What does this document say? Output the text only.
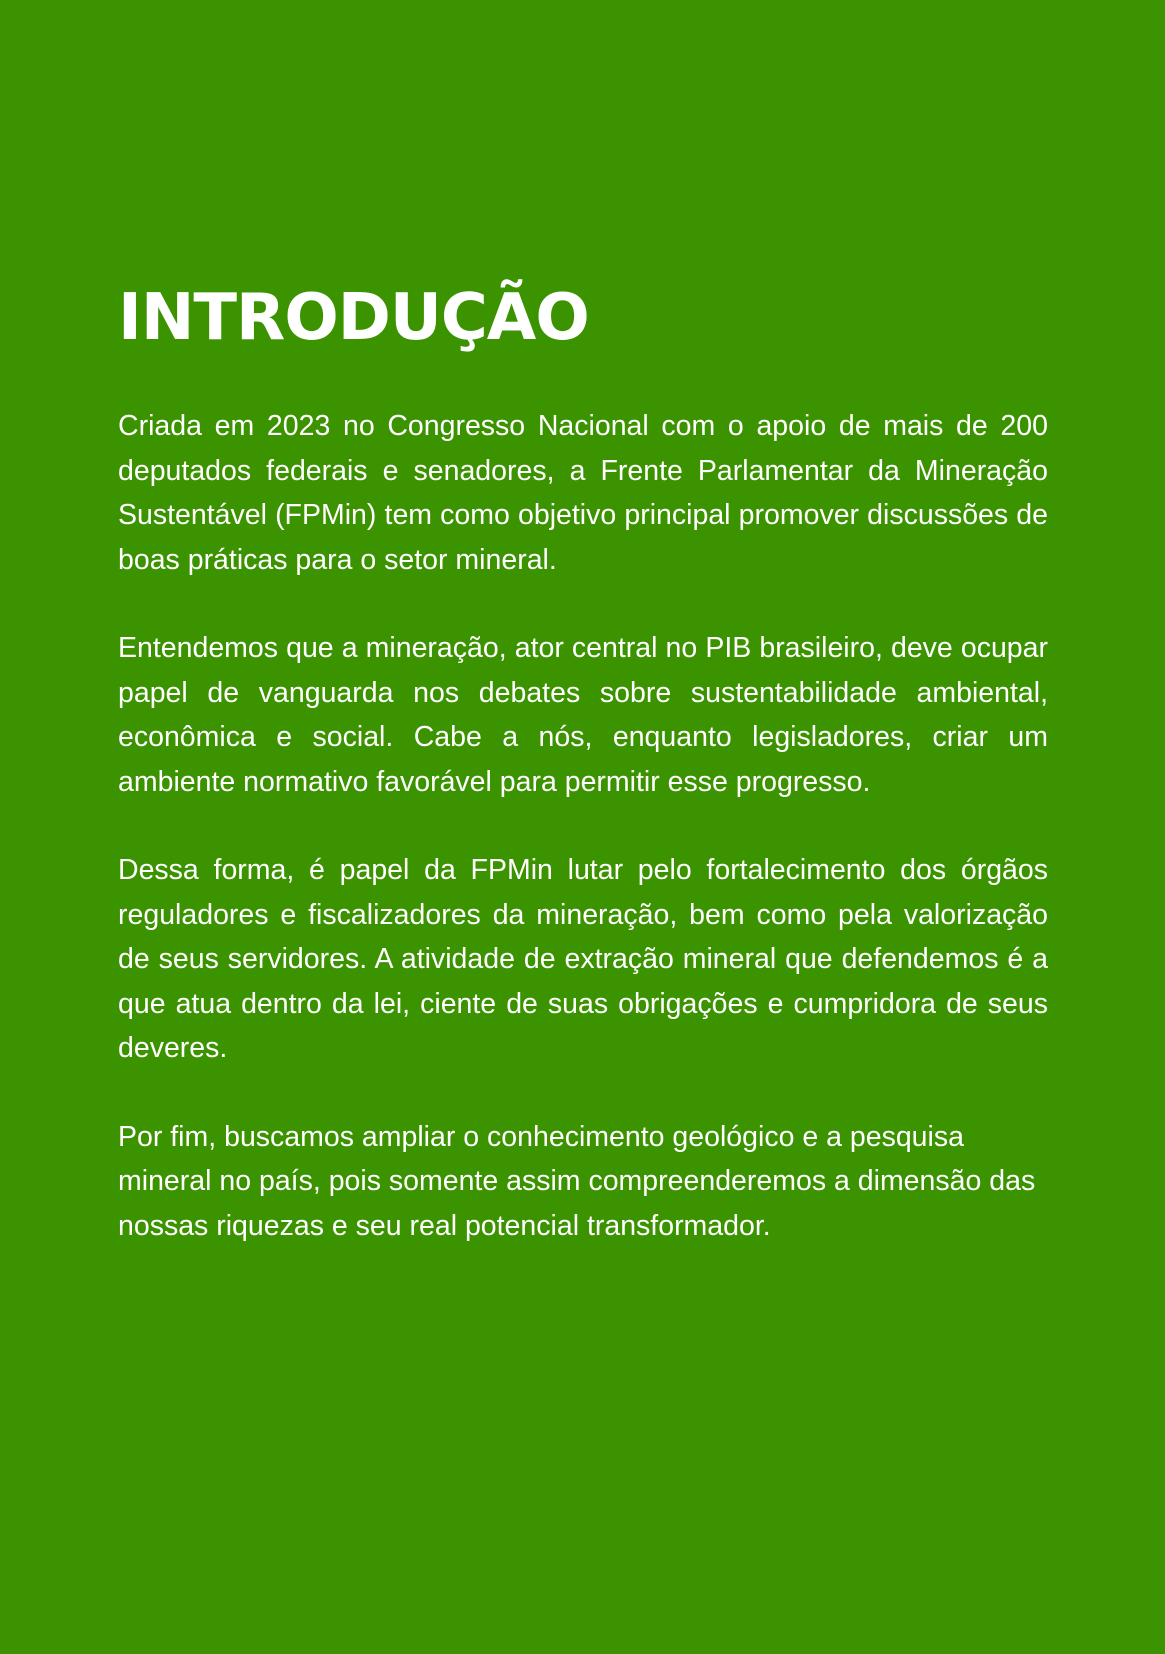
INTRODUÇÃO

Criada em 2023 no Congresso Nacional com o apoio de mais de 200 deputados federais e senadores, a Frente Parlamentar da Mineração Sustentável (FPMin) tem como objetivo principal promover discussões de boas práticas para o setor mineral.

Entendemos que a mineração, ator central no PIB brasileiro, deve ocupar papel de vanguarda nos debates sobre sustentabilidade ambiental, econômica e social. Cabe a nós, enquanto legisladores, criar um ambiente normativo favorável para permitir esse progresso.

Dessa forma, é papel da FPMin lutar pelo fortalecimento dos órgãos reguladores e fiscalizadores da mineração, bem como pela valorização de seus servidores. A atividade de extração mineral que defendemos é a que atua dentro da lei, ciente de suas obrigações e cumpridora de seus deveres.

Por fim, buscamos ampliar o conhecimento geológico e a pesquisa mineral no país, pois somente assim compreenderemos a dimensão das nossas riquezas e seu real potencial transformador.
